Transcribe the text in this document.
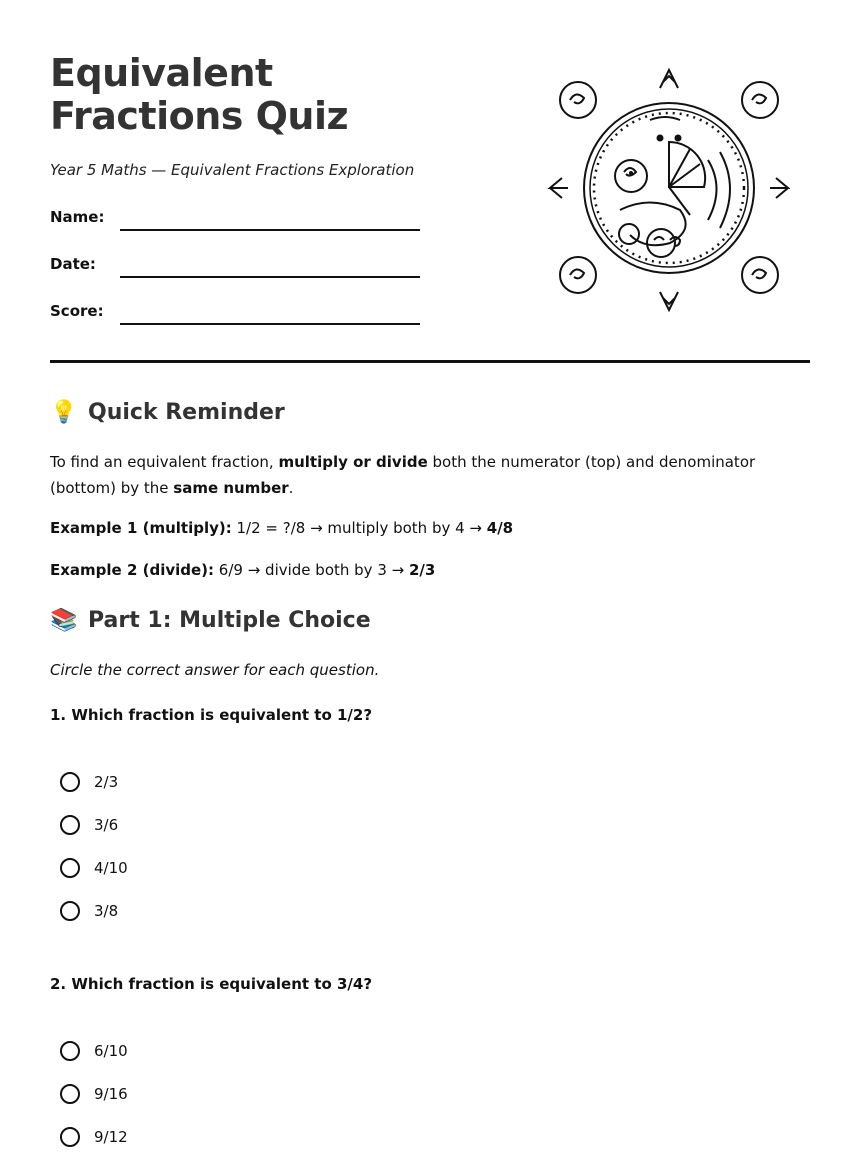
Equivalent Fractions Quiz
Year 5 Maths — Equivalent Fractions Exploration
Name:
Date:
Score:
💡 Quick Reminder
To find an equivalent fraction, multiply or divide both the numerator (top) and denominator (bottom) by the same number.
Example 1 (multiply): 1/2 = ?/8 → multiply both by 4 → 4/8
Example 2 (divide): 6/9 → divide both by 3 → 2/3
📚 Part 1: Multiple Choice
Circle the correct answer for each question.
1. Which fraction is equivalent to 1/2?
2/3
3/6
4/10
3/8
2. Which fraction is equivalent to 3/4?
6/10
9/16
9/12
